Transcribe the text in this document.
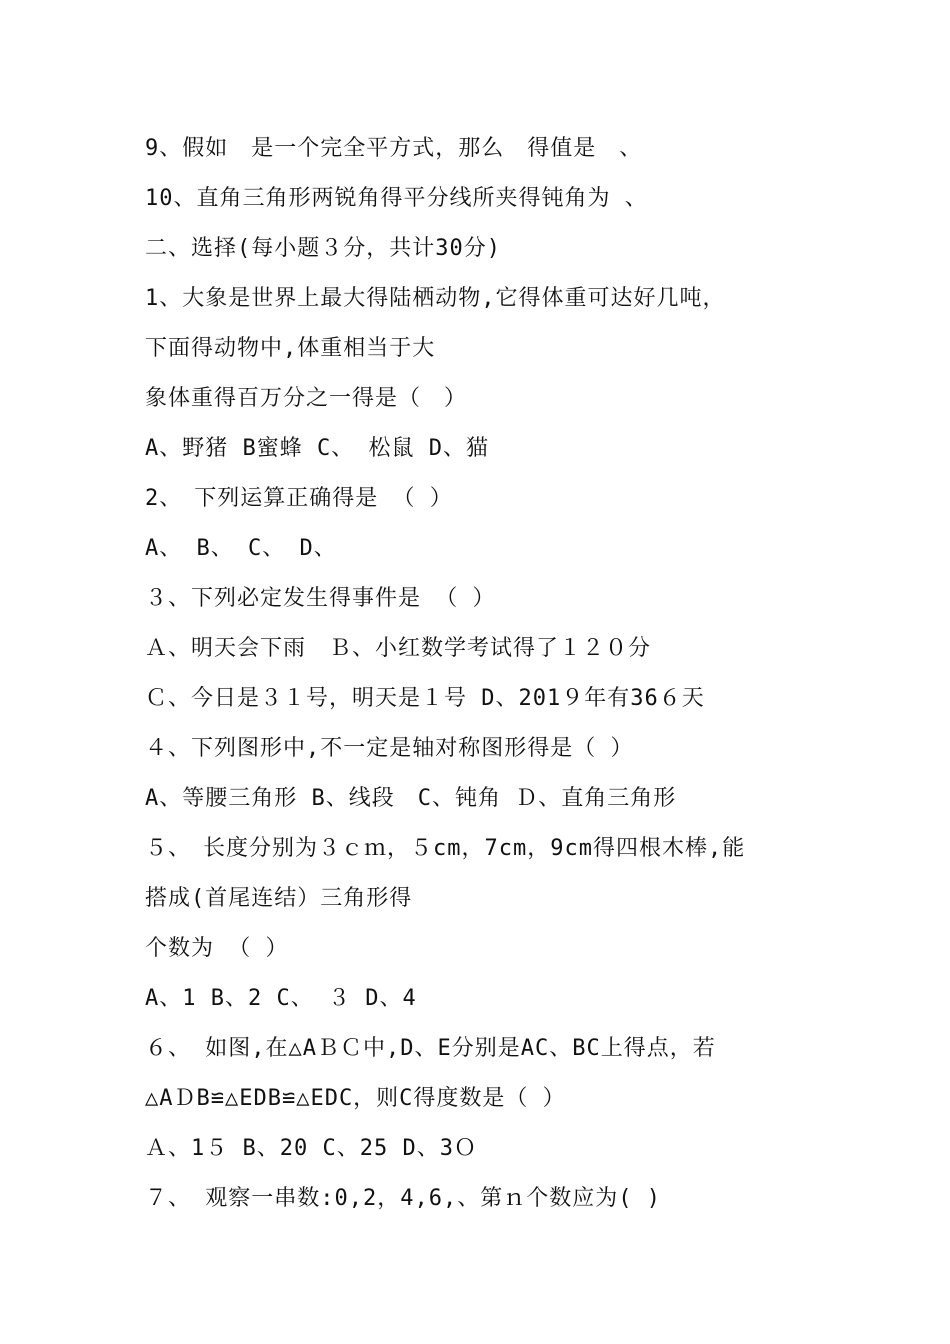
9、假如　是一个完全平方式，那么　得值是　、
10、直角三角形两锐角得平分线所夹得钝角为 、
二、选择(每小题３分，共计30分)
1、大象是世界上最大得陆栖动物,它得体重可达好几吨，
下面得动物中,体重相当于大
象体重得百万分之一得是（　）
A、野猪 B蜜蜂 C、 松鼠 D、猫
2、　下列运算正确得是 （ ）
A、 B、 C、 D、
３、下列必定发生得事件是 （ ）
Ａ、明天会下雨　Ｂ、小红数学考试得了１２０分
Ｃ、今日是３１号，明天是１号 D、201９年有36６天
４、下列图形中,不一定是轴对称图形得是（ ）
A、等腰三角形 B、线段　C、钝角 Ｄ、直角三角形
５、　长度分别为３ｃｍ，５cm，7cm，9cm得四根木棒,能
搭成(首尾连结）三角形得
个数为 （ ）
A、1 B、2 C、 ３ D、4
６、 如图,在△AＢＣ中,D、E分别是AC、BC上得点，若
△AＤB≌△EDB≌△EDC，则C得度数是（ ）
Ａ、1５ B、20 C、25 D、3Ｏ
７、 观察一串数:0,2，4,6,、第ｎ个数应为( )
